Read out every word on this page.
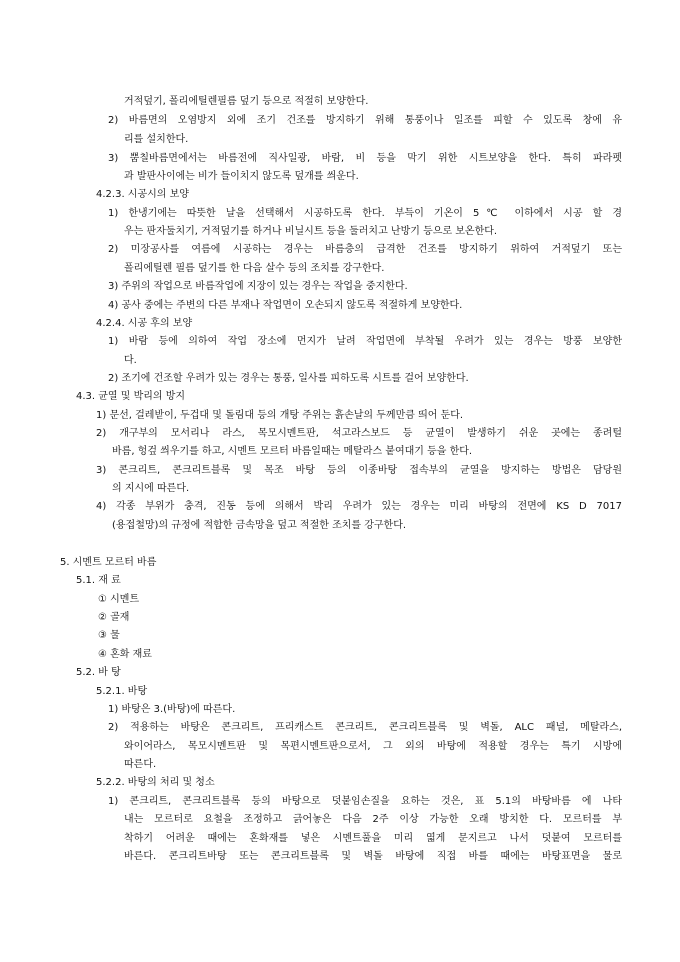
거적덮기, 폴리에틸렌필름 덮기 등으로 적절히 보양한다.
2) 바름면의 오염방지 외에 조기 건조를 방지하기 위해 통풍이나 일조를 피할 수 있도록 창에 유
리를 설치한다.
3) 뿜칠바름면에서는 바름전에 직사일광, 바람, 비 등을 막기 위한 시트보양을 한다. 특히 파라펫
과 발판사이에는 비가 들이치지 않도록 덮개를 씌운다.
4.2.3. 시공시의 보양
1) 한냉기에는 따뜻한 날을 선택해서 시공하도록 한다. 부득이 기온이 5℃ 이하에서 시공 할 경
우는 판자둘치기, 거적덮기를 하거나 비닐시트 등을 둘러치고 난방기 등으로 보온한다.
2) 미장공사를 여름에 시공하는 경우는 바름층의 급격한 건조를 방지하기 위하여 거적덮기 또는
폴리에틸렌 필름 덮기를 한 다음 살수 등의 조치를 강구한다.
3) 주위의 작업으로 바름작업에 지장이 있는 경우는 작업을 중지한다.
4) 공사 중에는 주변의 다른 부재나 작업면이 오손되지 않도록 적절하게 보양한다.
4.2.4. 시공 후의 보양
1) 바람 등에 의하여 작업 장소에 먼지가 날려 작업면에 부착될 우려가 있는 경우는 방풍 보양한
다.
2) 조기에 건조할 우려가 있는 경우는 통풍, 일사를 피하도록 시트를 걸어 보양한다.
4.3. 균열 및 박리의 방지
1) 문선, 걸레받이, 두겁대 및 돌림대 등의 개탕 주위는 흙손날의 두께만큼 띄어 둔다.
2) 개구부의 모서리나 라스, 목모시멘트판, 석고라스보드 등 균열이 발생하기 쉬운 곳에는 종려털
바름, 헝겊 씌우기를 하고, 시멘트 모르터 바름일때는 메탈라스 붙여대기 등을 한다.
3) 콘크리트, 콘크리트블록 및 목조 바탕 등의 이종바탕 접속부의 균열을 방지하는 방법은 담당원
의 지시에 따른다.
4) 각종 부위가 충격, 진동 등에 의해서 박리 우려가 있는 경우는 미리 바탕의 전면에 KS D 7017
(용접철망)의 규정에 적합한 금속망을 덮고 적절한 조치를 강구한다.
5. 시멘트 모르터 바름
5.1. 재 료
① 시멘트
② 골재
③ 물
④ 혼화 재료
5.2. 바 탕
5.2.1. 바탕
1) 바탕은 3.(바탕)에 따른다.
2) 적용하는 바탕은 콘크리트, 프리캐스트 콘크리트, 콘크리트블록 및 벽돌, ALC 패널, 메탈라스,
와이어라스, 목모시멘트판 및 목편시멘트판으로서, 그 외의 바탕에 적용할 경우는 특기 시방에
따른다.
5.2.2. 바탕의 처리 및 청소
1) 콘크리트, 콘크리트블록 등의 바탕으로 덧붙임손질을 요하는 것은, 표 5.1의 바탕바름 에 나타
내는 모르터로 요철을 조정하고 긁어놓은 다음 2주 이상 가능한 오래 방치한 다. 모르터를 부
착하기 어려운 때에는 혼화재를 넣은 시멘트풀을 미리 엷게 문지르고 나서 덧붙여 모르터를
바른다. 콘크리트바탕 또는 콘크리트블록 및 벽돌 바탕에 직접 바를 때에는 바탕표면을 물로
